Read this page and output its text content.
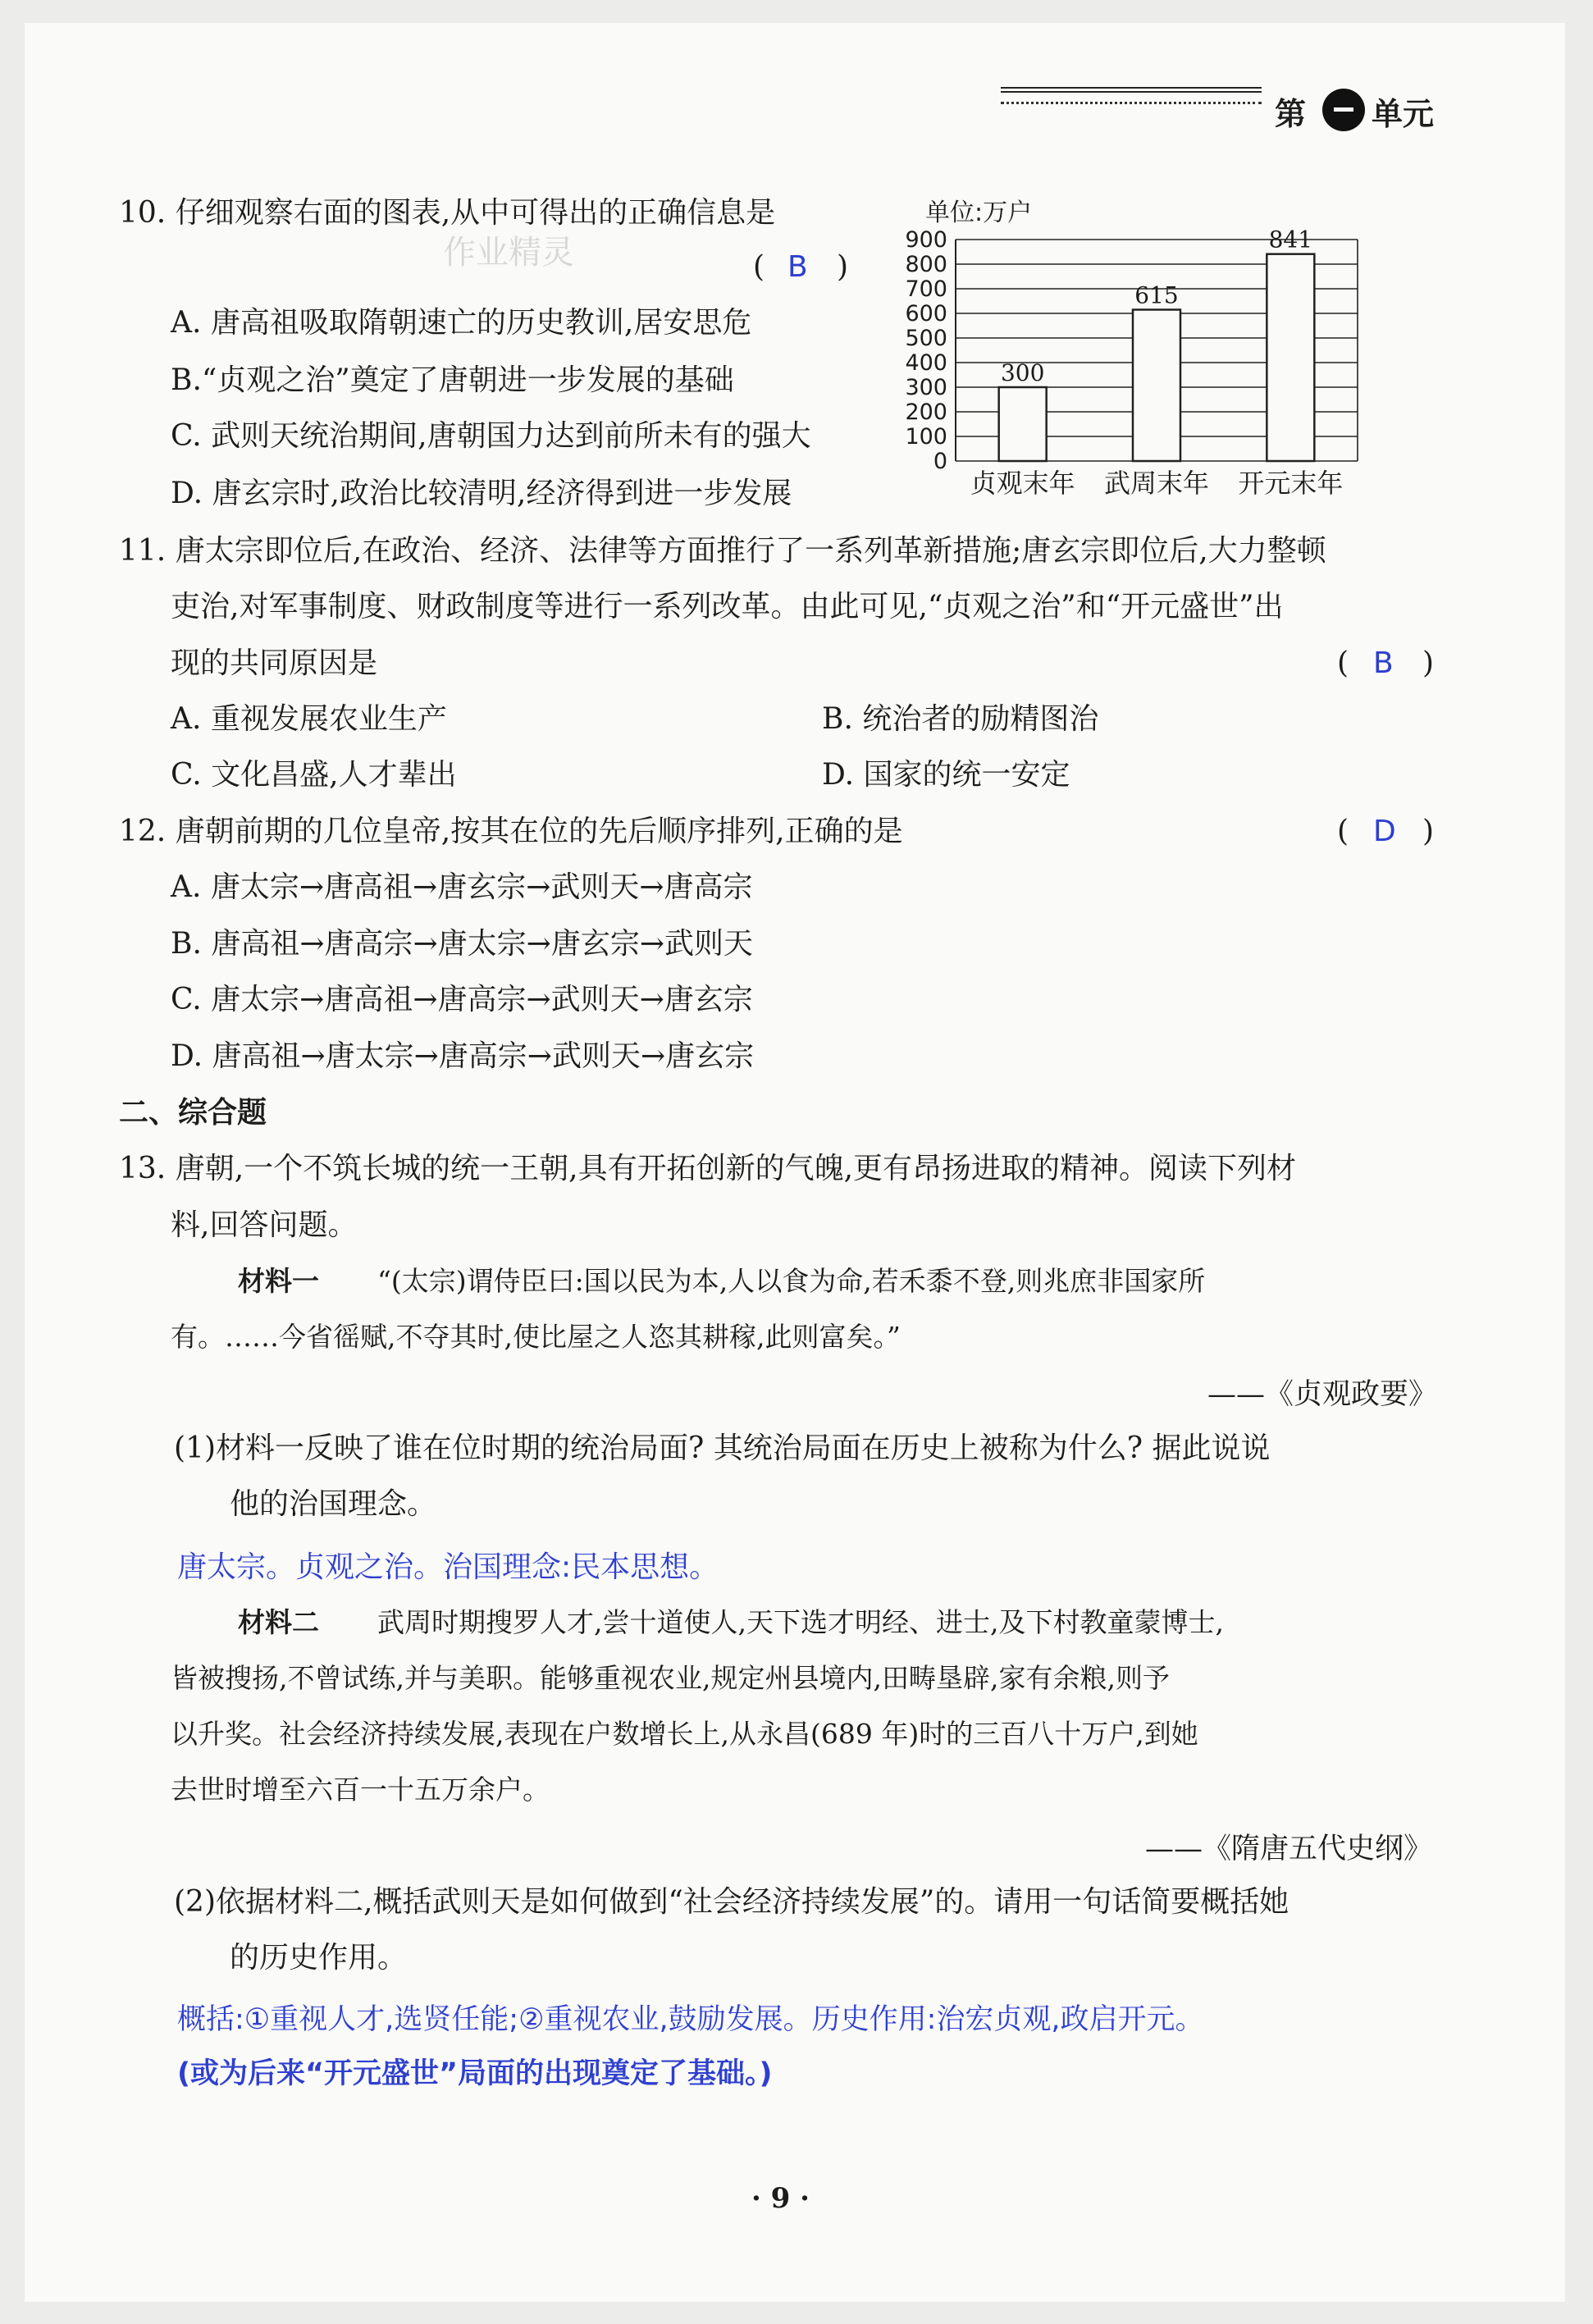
第 单元
10. 仔细观察右面的图表,从中可得出的正确信息是
作业精灵	( B )
A. 唐高祖吸取隋朝速亡的历史教训,居安思危
B.“贞观之治”奠定了唐朝进一步发展的基础
C. 武则天统治期间,唐朝国力达到前所未有的强大
D. 唐玄宗时,政治比较清明,经济得到进一步发展
单位:万户
0
100
200
300
400
500
600
700
800
900
300
贞观末年
615
武周末年
841
开元末年
11. 唐太宗即位后,在政治、经济、法律等方面推行了一系列革新措施;唐玄宗即位后,大力整顿
吏治,对军事制度、财政制度等进行一系列改革。由此可见,“贞观之治”和“开元盛世”出
现的共同原因是	( B )
A. 重视发展农业生产	B. 统治者的励精图治
C. 文化昌盛,人才辈出	D. 国家的统一安定
12. 唐朝前期的几位皇帝,按其在位的先后顺序排列,正确的是	( D )
A. 唐太宗→唐高祖→唐玄宗→武则天→唐高宗
B. 唐高祖→唐高宗→唐太宗→唐玄宗→武则天
C. 唐太宗→唐高祖→唐高宗→武则天→唐玄宗
D. 唐高祖→唐太宗→唐高宗→武则天→唐玄宗
二、综合题
13. 唐朝,一个不筑长城的统一王朝,具有开拓创新的气魄,更有昂扬进取的精神。阅读下列材
料,回答问题。
材料一 “(太宗)谓侍臣曰:国以民为本,人以食为命,若禾黍不登,则兆庶非国家所
有。……今省徭赋,不夺其时,使比屋之人恣其耕稼,此则富矣。”
——《贞观政要》
(1)材料一反映了谁在位时期的统治局面? 其统治局面在历史上被称为什么? 据此说说
他的治国理念。
唐太宗。贞观之治。治国理念:民本思想。
材料二 武周时期搜罗人才,尝十道使人,天下选才明经、进士,及下村教童蒙博士,
皆被搜扬,不曾试练,并与美职。能够重视农业,规定州县境内,田畴垦辟,家有余粮,则予
以升奖。社会经济持续发展,表现在户数增长上,从永昌(689 年)时的三百八十万户,到她
去世时增至六百一十五万余户。
——《隋唐五代史纲》
(2)依据材料二,概括武则天是如何做到“社会经济持续发展”的。请用一句话简要概括她
的历史作用。
概括:①重视人才,选贤任能;②重视农业,鼓励发展。历史作用:治宏贞观,政启开元。
(或为后来“开元盛世”局面的出现奠定了基础。)
· 9 ·
